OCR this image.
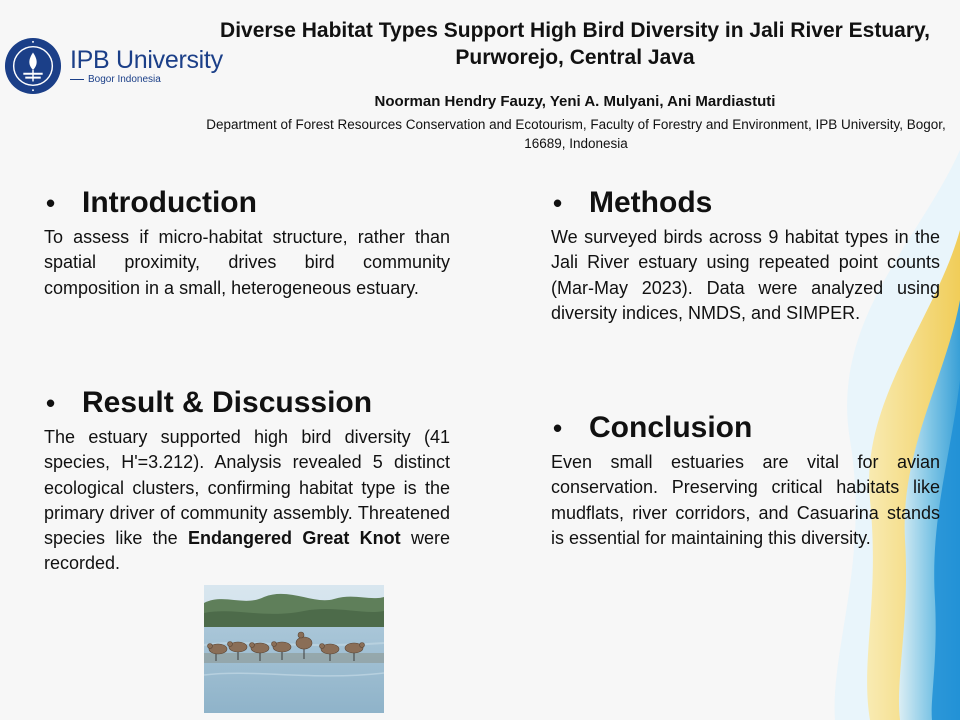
IPB University
Bogor Indonesia
Diverse Habitat Types Support High Bird Diversity in Jali River Estuary, Purworejo, Central Java
Noorman Hendry Fauzy, Yeni A. Mulyani, Ani Mardiastuti
Department of Forest Resources Conservation and Ecotourism, Faculty of Forestry and Environment, IPB University, Bogor, 16689, Indonesia
• Introduction
To assess if micro-habitat structure, rather than spatial proximity, drives bird community composition in a small, heterogeneous estuary.
• Result & Discussion
The estuary supported high bird diversity (41 species, H'=3.212). Analysis revealed 5 distinct ecological clusters, confirming habitat type is the primary driver of community assembly. Threatened species like the Endangered Great Knot were recorded.
• Methods
We surveyed birds across 9 habitat types in the Jali River estuary using repeated point counts (Mar-May 2023). Data were analyzed using diversity indices, NMDS, and SIMPER.
• Conclusion
Even small estuaries are vital for avian conservation. Preserving critical habitats like mudflats, river corridors, and Casuarina stands is essential for maintaining this diversity.
